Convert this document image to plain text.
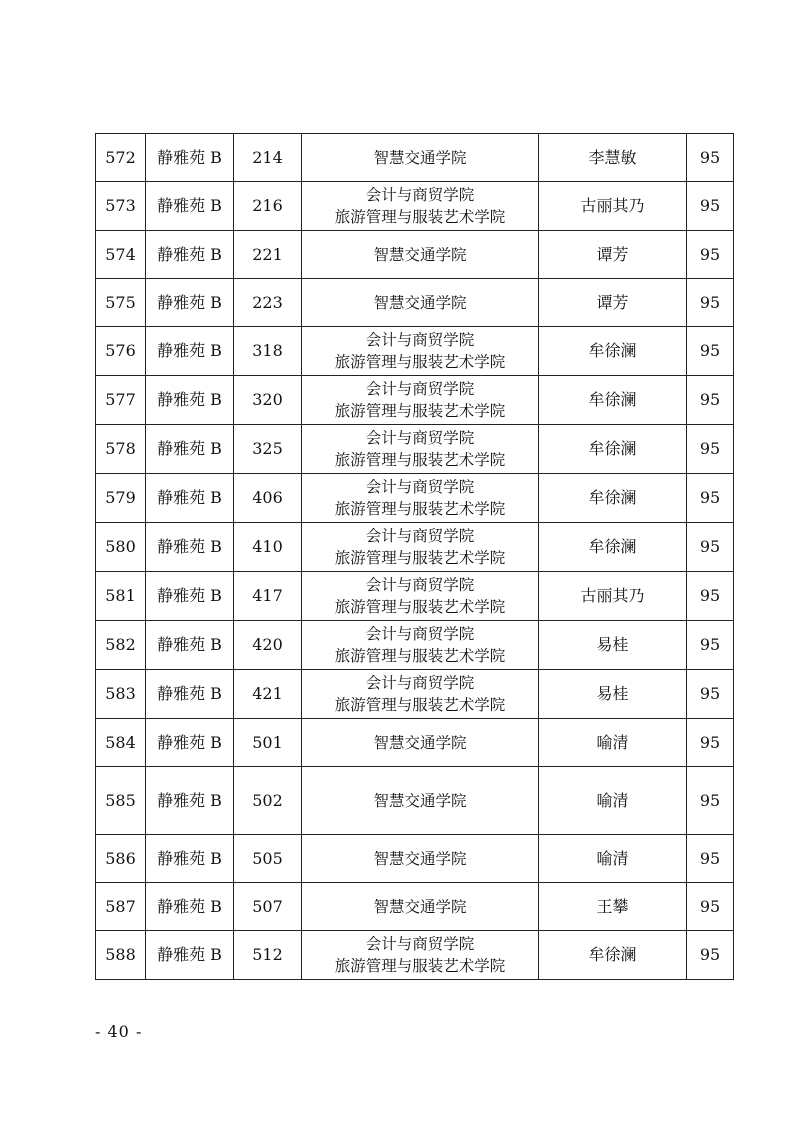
572	静雅苑 B	214	智慧交通学院	李慧敏	95
573	静雅苑 B	216	会计与商贸学院
旅游管理与服装艺术学院	古丽其乃	95
574	静雅苑 B	221	智慧交通学院	谭芳	95
575	静雅苑 B	223	智慧交通学院	谭芳	95
576	静雅苑 B	318	会计与商贸学院
旅游管理与服装艺术学院	牟徐澜	95
577	静雅苑 B	320	会计与商贸学院
旅游管理与服装艺术学院	牟徐澜	95
578	静雅苑 B	325	会计与商贸学院
旅游管理与服装艺术学院	牟徐澜	95
579	静雅苑 B	406	会计与商贸学院
旅游管理与服装艺术学院	牟徐澜	95
580	静雅苑 B	410	会计与商贸学院
旅游管理与服装艺术学院	牟徐澜	95
581	静雅苑 B	417	会计与商贸学院
旅游管理与服装艺术学院	古丽其乃	95
582	静雅苑 B	420	会计与商贸学院
旅游管理与服装艺术学院	易桂	95
583	静雅苑 B	421	会计与商贸学院
旅游管理与服装艺术学院	易桂	95
584	静雅苑 B	501	智慧交通学院	喻清	95
585	静雅苑 B	502	智慧交通学院	喻清	95
586	静雅苑 B	505	智慧交通学院	喻清	95
587	静雅苑 B	507	智慧交通学院	王攀	95
588	静雅苑 B	512	会计与商贸学院
旅游管理与服装艺术学院	牟徐澜	95
- 40 -
